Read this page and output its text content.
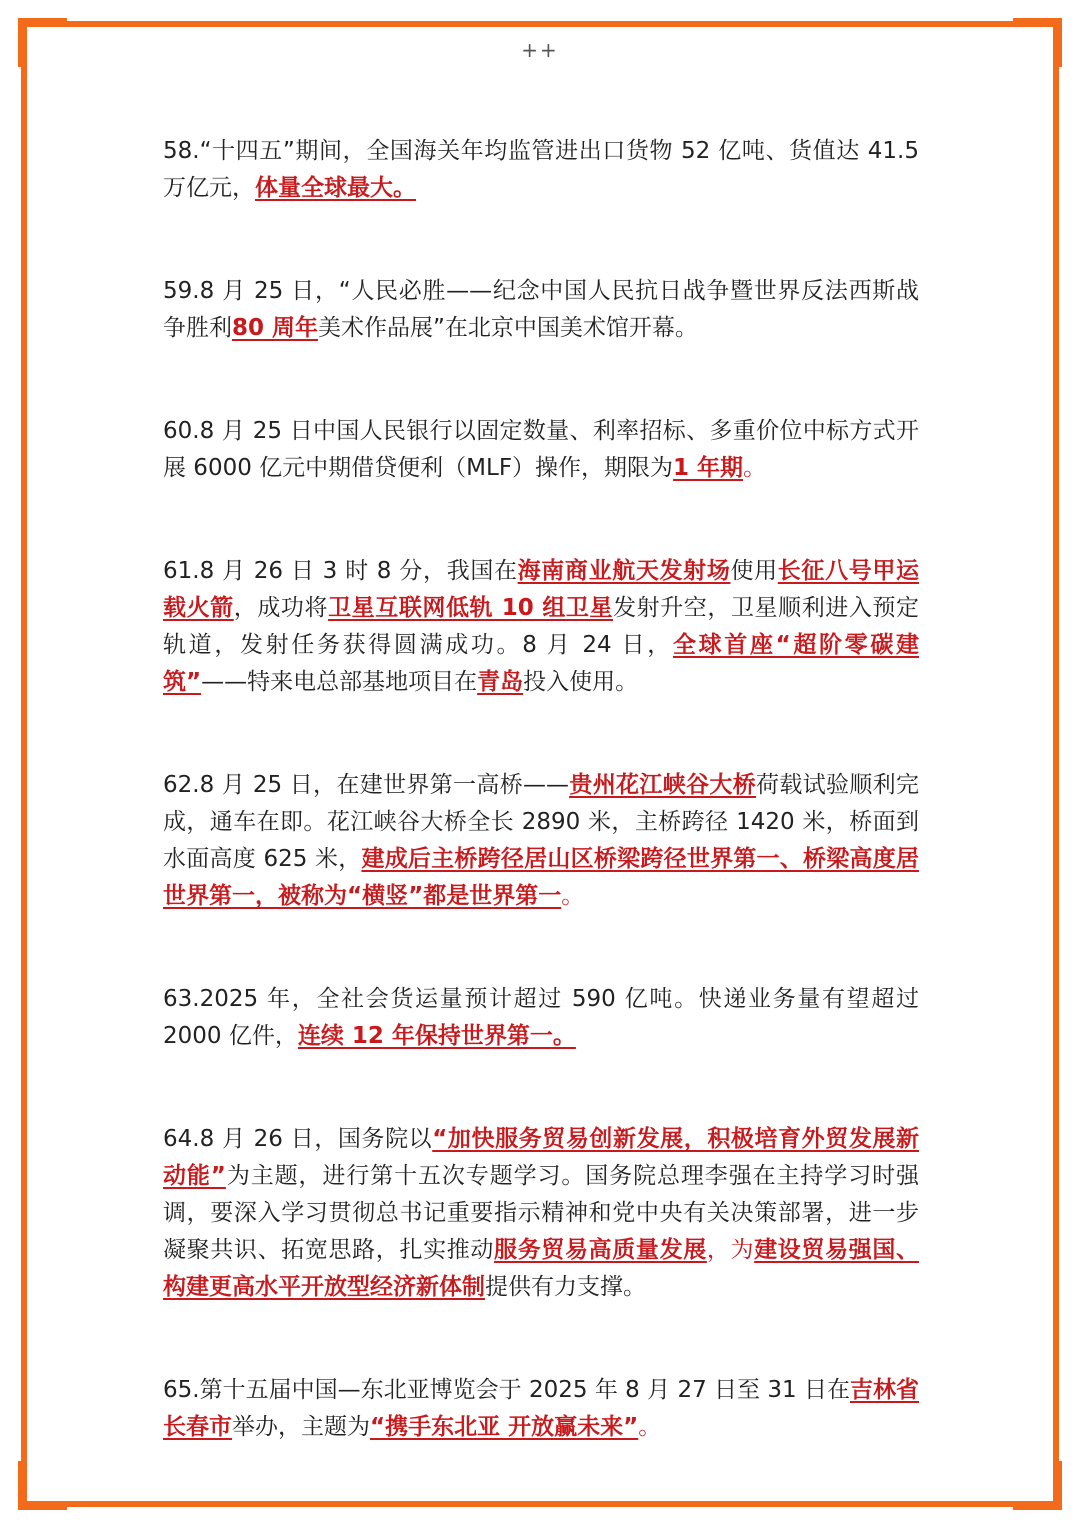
++

58.“十四五”期间，全国海关年均监管进出口货物 52 亿吨、货值达 41.5 万亿元，体量全球最大。

59.8 月 25 日，“人民必胜——纪念中国人民抗日战争暨世界反法西斯战争胜利80 周年美术作品展”在北京中国美术馆开幕。

60.8 月 25 日中国人民银行以固定数量、利率招标、多重价位中标方式开展 6000 亿元中期借贷便利（MLF）操作，期限为1 年期。

61.8 月 26 日 3 时 8 分，我国在海南商业航天发射场使用长征八号甲运载火箭，成功将卫星互联网低轨 10 组卫星发射升空，卫星顺利进入预定轨道，发射任务获得圆满成功。8 月 24 日，全球首座“超阶零碳建筑”——特来电总部基地项目在青岛投入使用。

62.8 月 25 日，在建世界第一高桥——贵州花江峡谷大桥荷载试验顺利完成，通车在即。花江峡谷大桥全长 2890 米，主桥跨径 1420 米，桥面到水面高度 625 米，建成后主桥跨径居山区桥梁跨径世界第一、桥梁高度居世界第一，被称为“横竖”都是世界第一。

63.2025 年，全社会货运量预计超过 590 亿吨。快递业务量有望超过 2000 亿件，连续 12 年保持世界第一。

64.8 月 26 日，国务院以“加快服务贸易创新发展，积极培育外贸发展新动能”为主题，进行第十五次专题学习。国务院总理李强在主持学习时强调，要深入学习贯彻总书记重要指示精神和党中央有关决策部署，进一步凝聚共识、拓宽思路，扎实推动服务贸易高质量发展，为建设贸易强国、构建更高水平开放型经济新体制提供有力支撑。

65.第十五届中国—东北亚博览会于 2025 年 8 月 27 日至 31 日在吉林省长春市举办，主题为“携手东北亚 开放赢未来”。
